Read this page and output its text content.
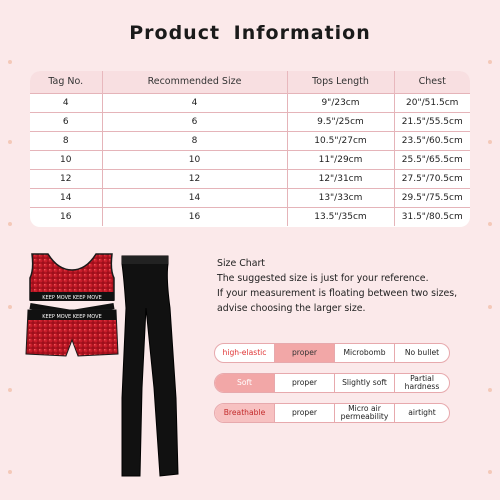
Product Information
Tag No.	Recommended Size	Tops Length	Chest
4	4	9"/23cm	20"/51.5cm
6	6	9.5"/25cm	21.5"/55.5cm
8	8	10.5"/27cm	23.5"/60.5cm
10	10	11"/29cm	25.5"/65.5cm
12	12	12"/31cm	27.5"/70.5cm
14	14	13"/33cm	29.5"/75.5cm
16	16	13.5"/35cm	31.5"/80.5cm
KEEP MOVE KEEP MOVE
KEEP MOVE KEEP MOVE

Size Chart

The suggested size is just for your reference.

If your measurement is floating between two sizes,

advise choosing the larger size.

high-elastic	proper	Microbomb	No bullet
Soft	proper	Slightly soft	Partial hardness
Breathable	proper	Micro air permeability	airtight
